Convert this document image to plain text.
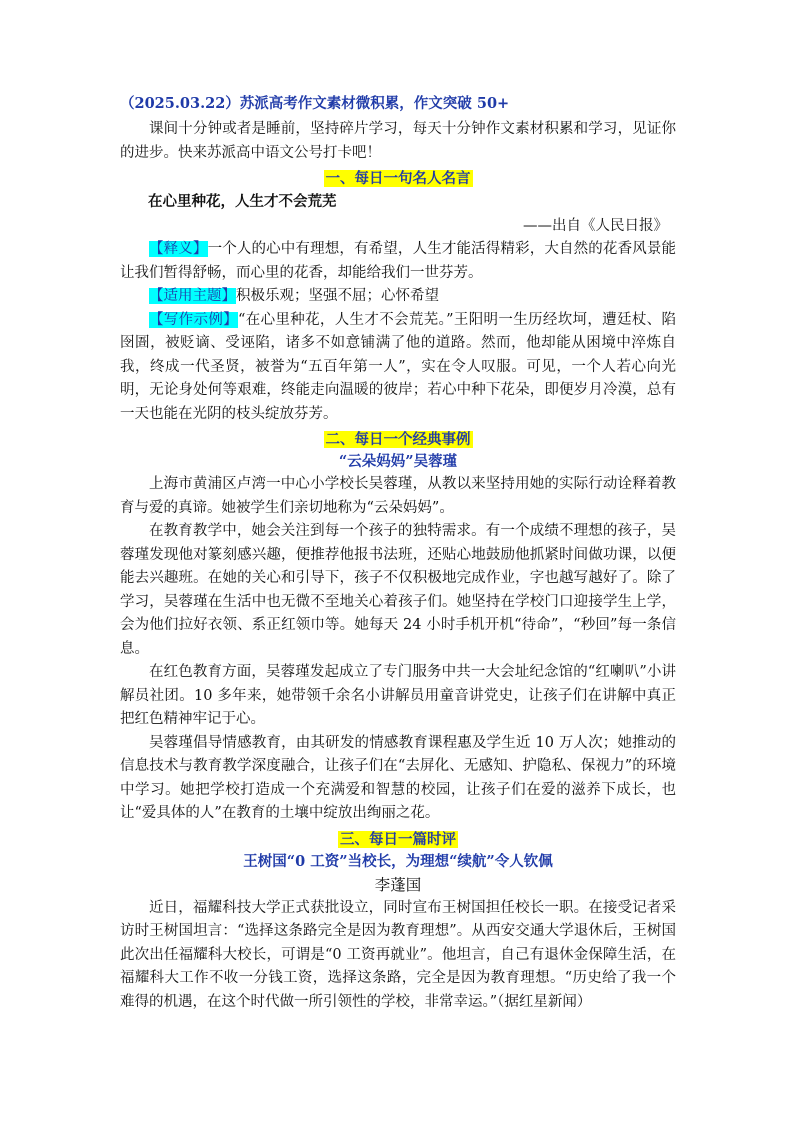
（2025.03.22）苏派高考作文素材微积累，作文突破 50+

课间十分钟或者是睡前，坚持碎片学习，每天十分钟作文素材积累和学习，见证你的进步。快来苏派高中语文公号打卡吧！

一、每日一句名人名言

在心里种花，人生才不会荒芜

——出自《人民日报》

【释义】一个人的心中有理想，有希望，人生才能活得精彩，大自然的花香风景能让我们暂得舒畅，而心里的花香，却能给我们一世芬芳。

【适用主题】积极乐观；坚强不屈；心怀希望

【写作示例】“在心里种花，人生才不会荒芜。”王阳明一生历经坎坷，遭廷杖、陷囹圄，被贬谪、受诬陷，诸多不如意铺满了他的道路。然而，他却能从困境中淬炼自我，终成一代圣贤，被誉为“五百年第一人”，实在令人叹服。可见，一个人若心向光明，无论身处何等艰难，终能走向温暖的彼岸；若心中种下花朵，即便岁月冷漠，总有一天也能在光阴的枝头绽放芬芳。

二、每日一个经典事例

“云朵妈妈”吴蓉瑾

上海市黄浦区卢湾一中心小学校长吴蓉瑾，从教以来坚持用她的实际行动诠释着教育与爱的真谛。她被学生们亲切地称为“云朵妈妈”。

在教育教学中，她会关注到每一个孩子的独特需求。有一个成绩不理想的孩子，吴蓉瑾发现他对篆刻感兴趣，便推荐他报书法班，还贴心地鼓励他抓紧时间做功课，以便能去兴趣班。在她的关心和引导下，孩子不仅积极地完成作业，字也越写越好了。除了学习，吴蓉瑾在生活中也无微不至地关心着孩子们。她坚持在学校门口迎接学生上学，会为他们拉好衣领、系正红领巾等。她每天 24 小时手机开机“待命”，“秒回”每一条信息。

在红色教育方面，吴蓉瑾发起成立了专门服务中共一大会址纪念馆的“红喇叭”小讲解员社团。10 多年来，她带领千余名小讲解员用童音讲党史，让孩子们在讲解中真正把红色精神牢记于心。

吴蓉瑾倡导情感教育，由其研发的情感教育课程惠及学生近 10 万人次；她推动的信息技术与教育教学深度融合，让孩子们在“去屏化、无感知、护隐私、保视力”的环境中学习。她把学校打造成一个充满爱和智慧的校园，让孩子们在爱的滋养下成长，也让“爱具体的人”在教育的土壤中绽放出绚丽之花。

三、每日一篇时评

王树国“0 工资”当校长，为理想“续航”令人钦佩

李蓬国

近日，福耀科技大学正式获批设立，同时宣布王树国担任校长一职。在接受记者采访时王树国坦言：“选择这条路完全是因为教育理想”。从西安交通大学退休后，王树国此次出任福耀科大校长，可谓是“0 工资再就业”。他坦言，自己有退休金保障生活，在福耀科大工作不收一分钱工资，选择这条路，完全是因为教育理想。“历史给了我一个难得的机遇，在这个时代做一所引领性的学校，非常幸运。”（据红星新闻）
